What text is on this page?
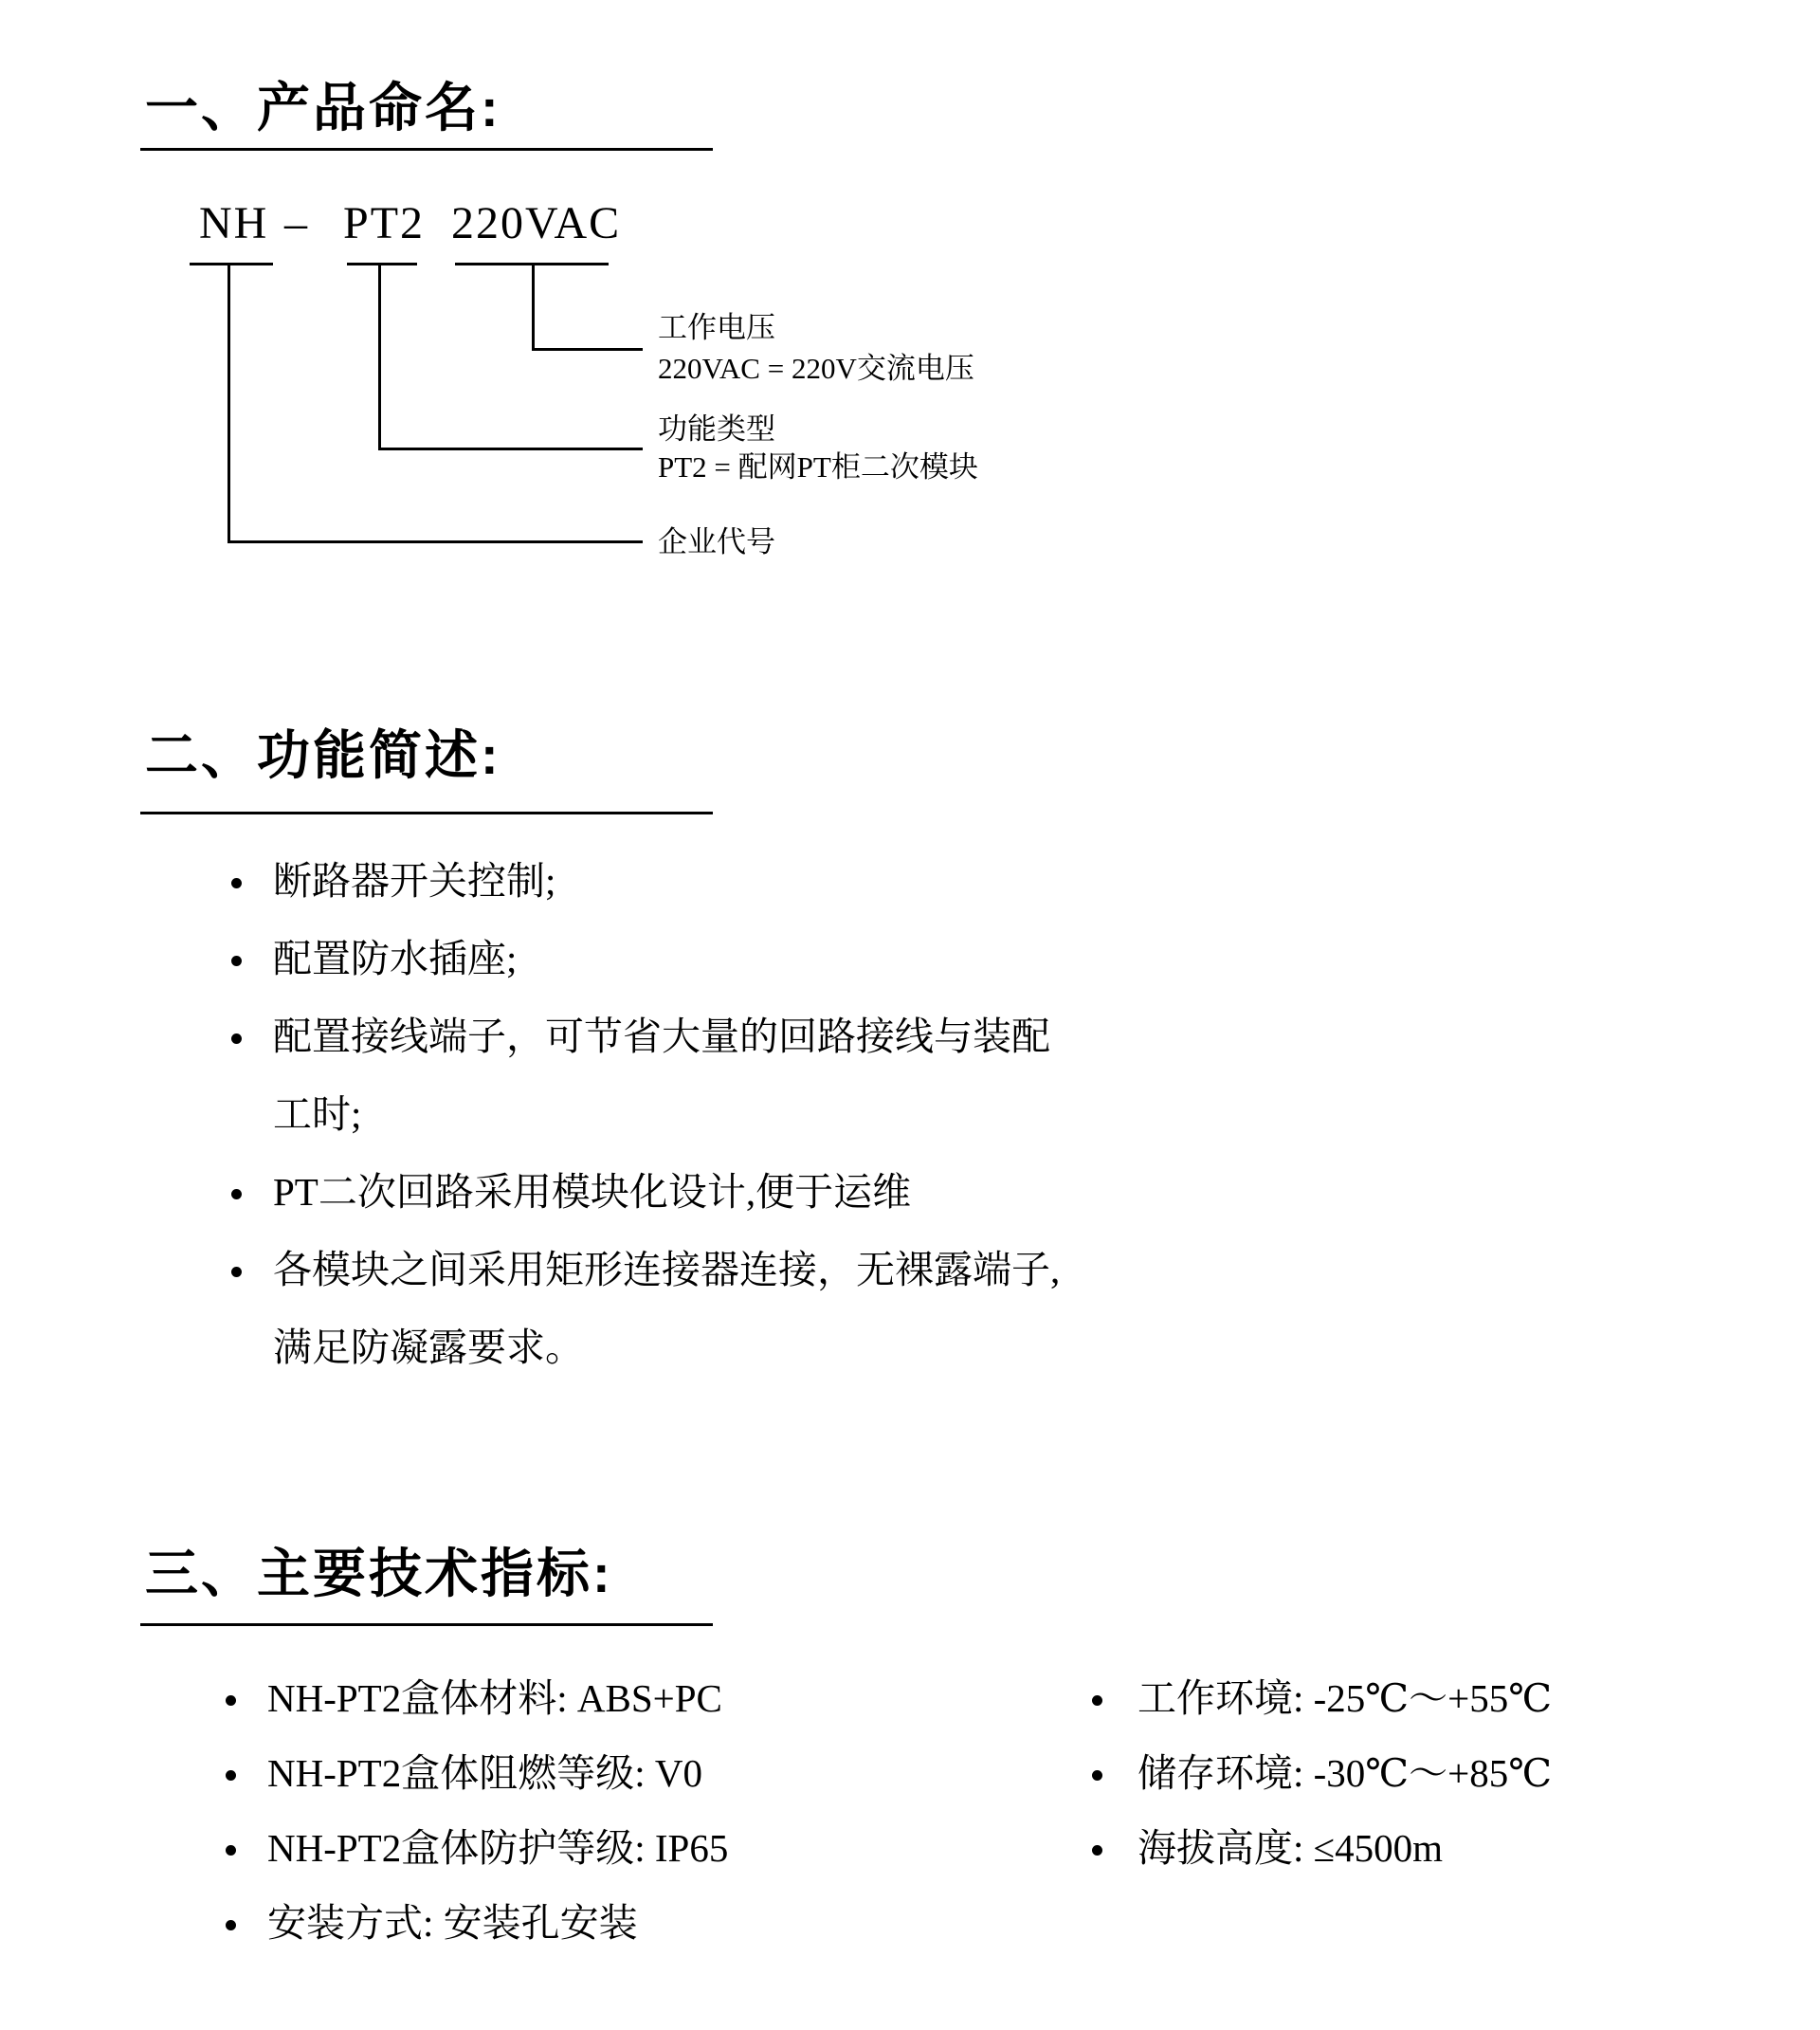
一、产品命名:
NH – PT2 220VAC
工作电压
220VAC = 220V交流电压
功能类型
PT2 = 配网PT柜二次模块
企业代号
二、功能简述:
断路器开关控制;
配置防水插座;
配置接线端子，可节省大量的回路接线与装配
工时;
PT二次回路采用模块化设计,便于运维
各模块之间采用矩形连接器连接，无裸露端子,
满足防凝露要求。
三、主要技术指标:
NH-PT2盒体材料: ABS+PC
NH-PT2盒体阻燃等级: V0
NH-PT2盒体防护等级: IP65
安装方式: 安装孔安装
工作环境: -25℃～+55℃
储存环境: -30℃～+85℃
海拔高度: ≤4500m
